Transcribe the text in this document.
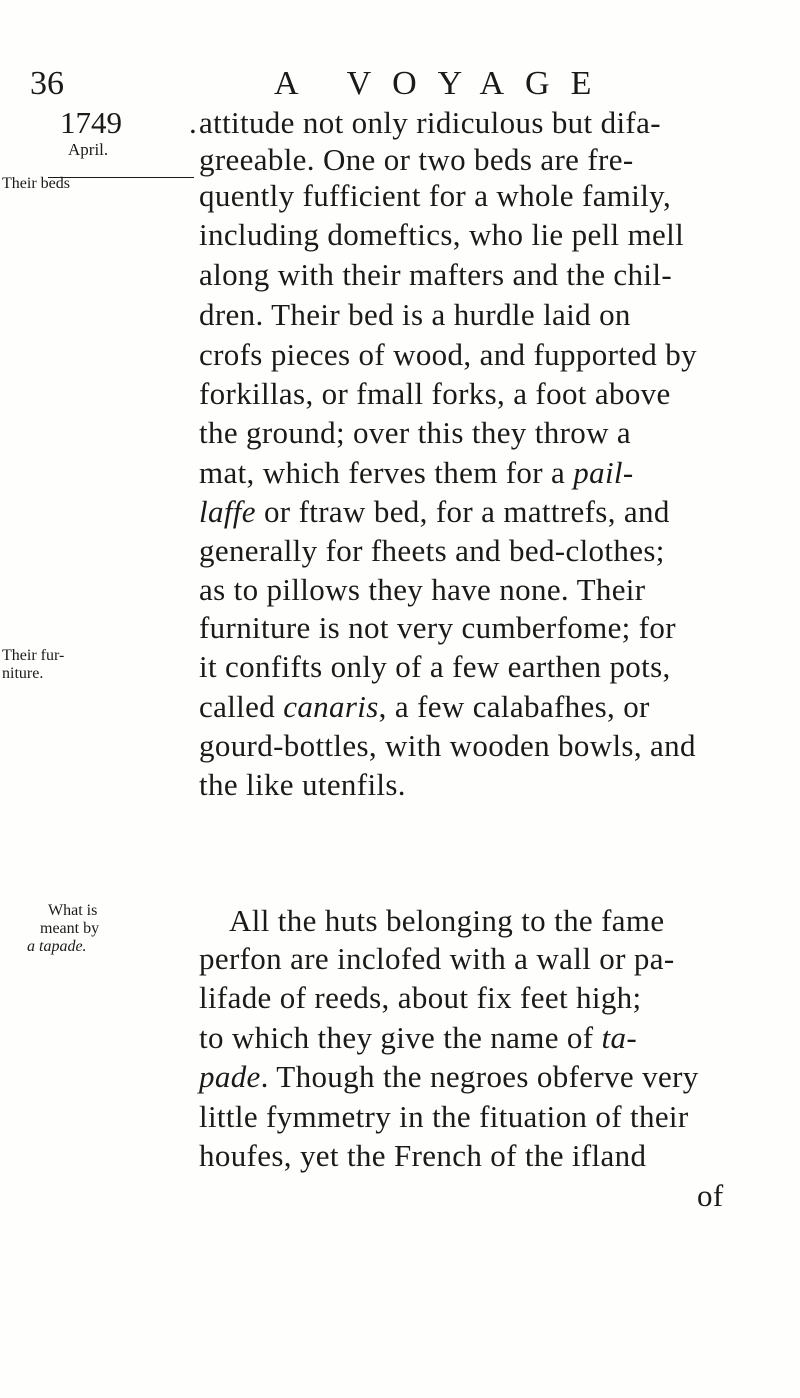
36	A VOYAGE
1749 .
April.
Their beds
Their fur-
niture.
What is
meant by
a tapade.
attitude not only ridiculous but difa-
greeable. One or two beds are fre-
quently fufficient for a whole family,
including domeftics, who lie pell mell
along with their mafters and the chil-
dren. Their bed is a hurdle laid on
crofs pieces of wood, and fupported by
forkillas, or fmall forks, a foot above
the ground; over this they throw a
mat, which ferves them for a pail-
laffe or ftraw bed, for a mattrefs, and
generally for fheets and bed-clothes;
as to pillows they have none. Their
furniture is not very cumberfome; for
it confifts only of a few earthen pots,
called canaris, a few calabafhes, or
gourd-bottles, with wooden bowls, and
the like utenfils.
All the huts belonging to the fame
perfon are inclofed with a wall or pa-
lifade of reeds, about fix feet high;
to which they give the name of ta-
pade. Though the negroes obferve very
little fymmetry in the fituation of their
houfes, yet the French of the ifland
of
